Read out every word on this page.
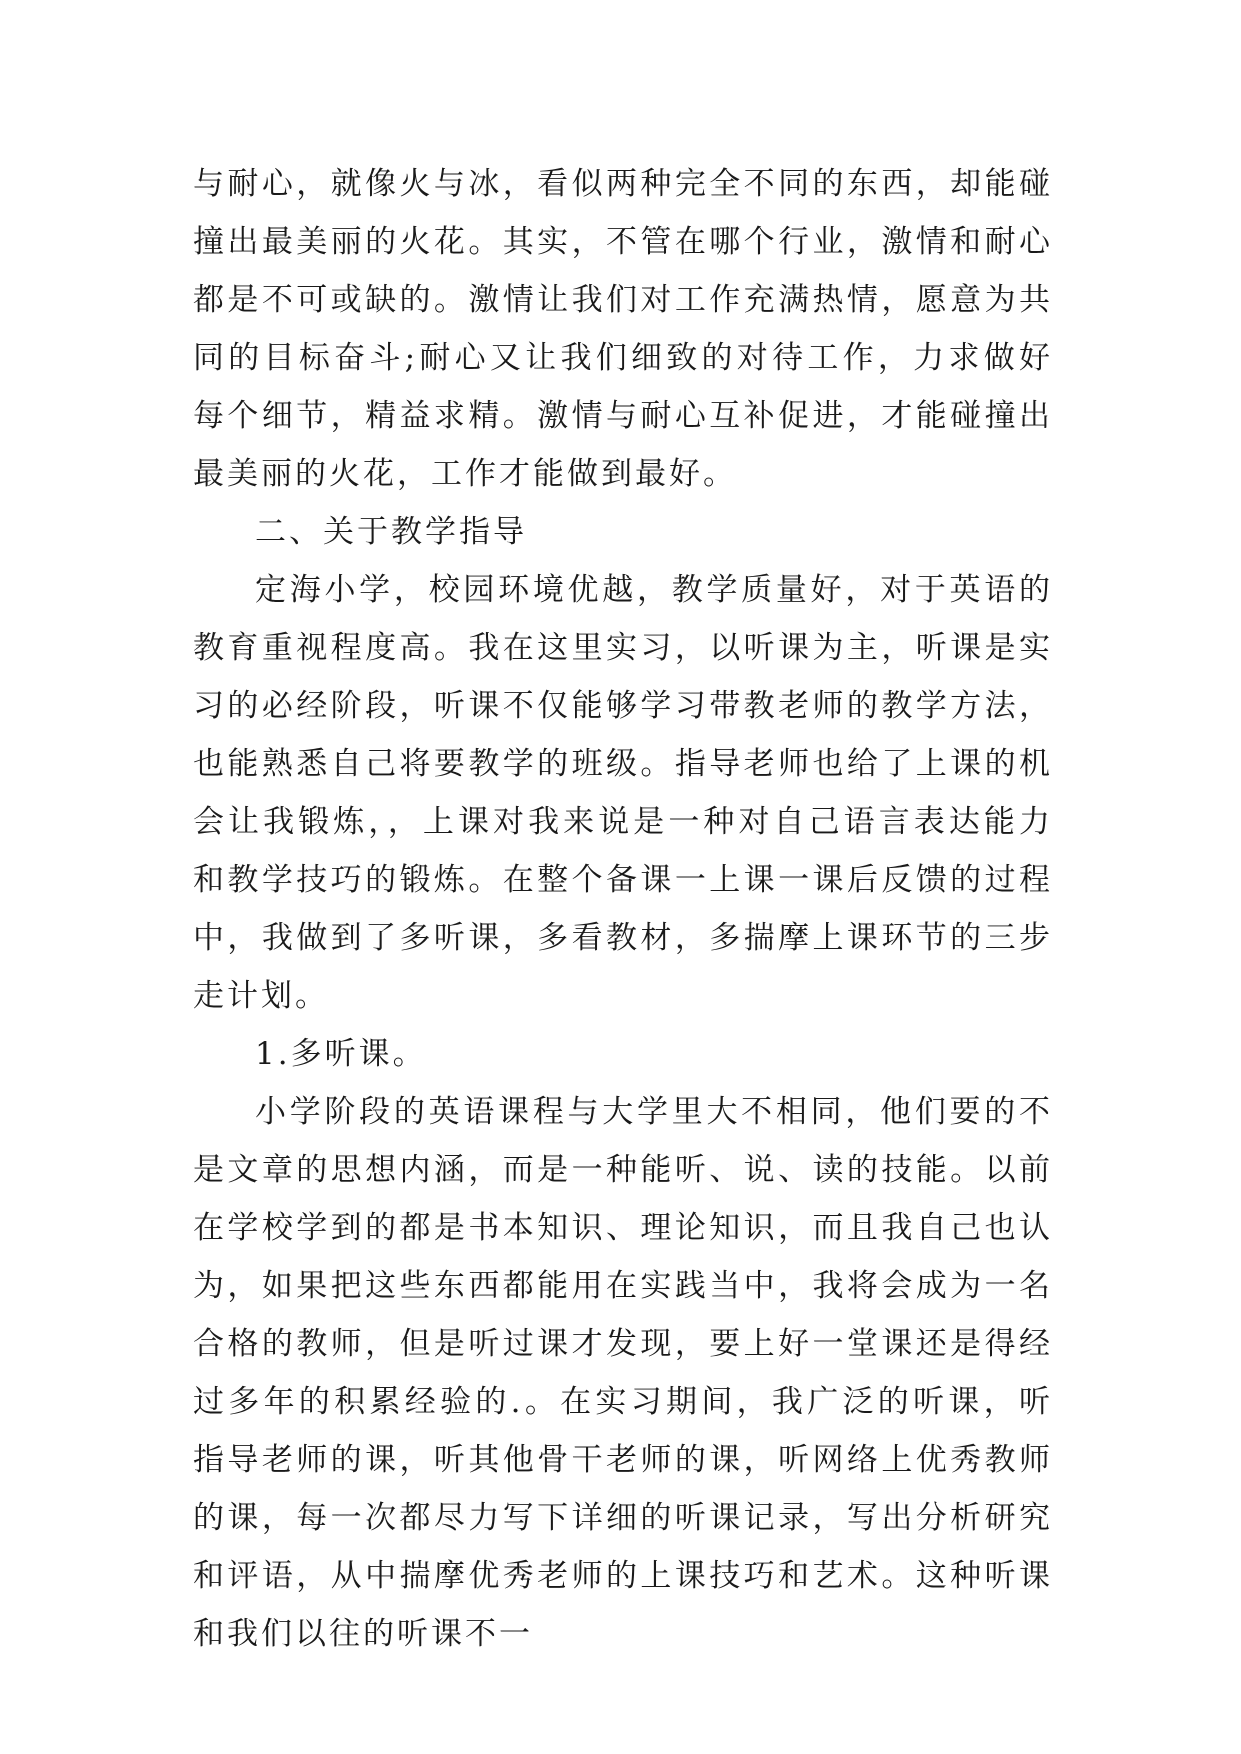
与耐心，就像火与冰，看似两种完全不同的东西，却能碰撞出最美丽的火花。其实，不管在哪个行业，激情和耐心都是不可或缺的。激情让我们对工作充满热情，愿意为共同的目标奋斗;耐心又让我们细致的对待工作，力求做好每个细节，精益求精。激情与耐心互补促进，才能碰撞出最美丽的火花，工作才能做到最好。

二、关于教学指导

定海小学，校园环境优越，教学质量好，对于英语的教育重视程度高。我在这里实习，以听课为主，听课是实习的必经阶段，听课不仅能够学习带教老师的教学方法，也能熟悉自己将要教学的班级。指导老师也给了上课的机会让我锻炼，，上课对我来说是一种对自己语言表达能力和教学技巧的锻炼。在整个备课一上课一课后反馈的过程中，我做到了多听课，多看教材，多揣摩上课环节的三步走计划。

1.多听课。

小学阶段的英语课程与大学里大不相同，他们要的不是文章的思想内涵，而是一种能听、说、读的技能。以前在学校学到的都是书本知识、理论知识，而且我自己也认为，如果把这些东西都能用在实践当中，我将会成为一名合格的教师，但是听过课才发现，要上好一堂课还是得经过多年的积累经验的.。在实习期间，我广泛的听课，听指导老师的课，听其他骨干老师的课，听网络上优秀教师的课，每一次都尽力写下详细的听课记录，写出分析研究和评语，从中揣摩优秀老师的上课技巧和艺术。这种听课和我们以往的听课不一
